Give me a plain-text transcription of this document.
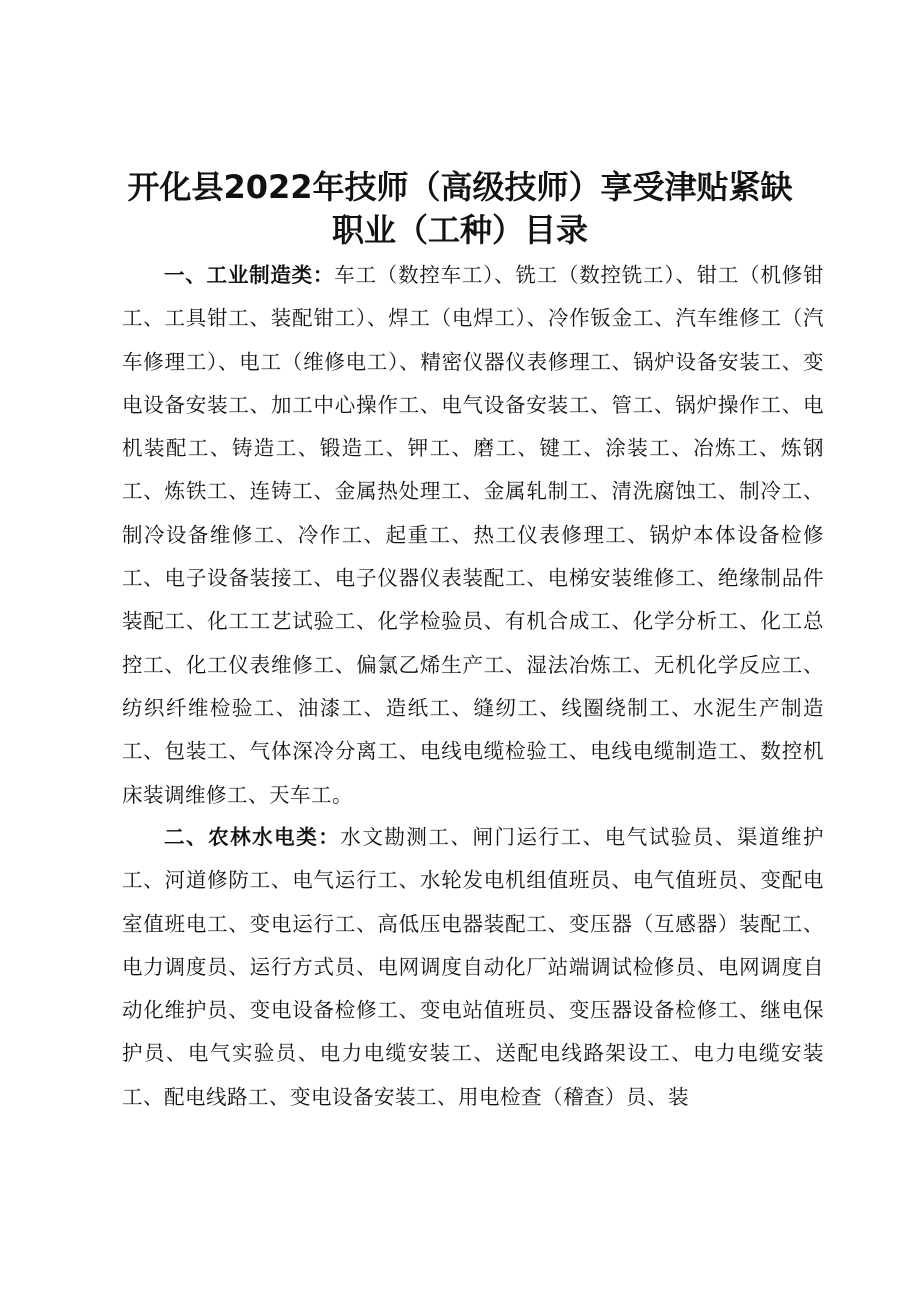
开化县2022年技师（高级技师）享受津贴紧缺
职业（工种）目录

一、工业制造类：车工（数控车工）、铣工（数控铣工）、钳工（机修钳工、工具钳工、装配钳工）、焊工（电焊工）、冷作钣金工、汽车维修工（汽车修理工）、电工（维修电工）、精密仪器仪表修理工、锅炉设备安装工、变电设备安装工、加工中心操作工、电气设备安装工、管工、锅炉操作工、电机装配工、铸造工、锻造工、钾工、磨工、键工、涂装工、冶炼工、炼钢工、炼铁工、连铸工、金属热处理工、金属轧制工、清洗腐蚀工、制冷工、制冷设备维修工、冷作工、起重工、热工仪表修理工、锅炉本体设备检修工、电子设备装接工、电子仪器仪表装配工、电梯安装维修工、绝缘制品件装配工、化工工艺试验工、化学检验员、有机合成工、化学分析工、化工总控工、化工仪表维修工、偏氯乙烯生产工、湿法冶炼工、无机化学反应工、纺织纤维检验工、油漆工、造纸工、缝纫工、线圈绕制工、水泥生产制造工、包装工、气体深冷分离工、电线电缆检验工、电线电缆制造工、数控机床装调维修工、天车工。

二、农林水电类：水文勘测工、闸门运行工、电气试验员、渠道维护工、河道修防工、电气运行工、水轮发电机组值班员、电气值班员、变配电室值班电工、变电运行工、高低压电器装配工、变压器（互感器）装配工、电力调度员、运行方式员、电网调度自动化厂站端调试检修员、电网调度自动化维护员、变电设备检修工、变电站值班员、变压器设备检修工、继电保护员、电气实验员、电力电缆安装工、送配电线路架设工、电力电缆安装工、配电线路工、变电设备安装工、用电检查（稽查）员、装
